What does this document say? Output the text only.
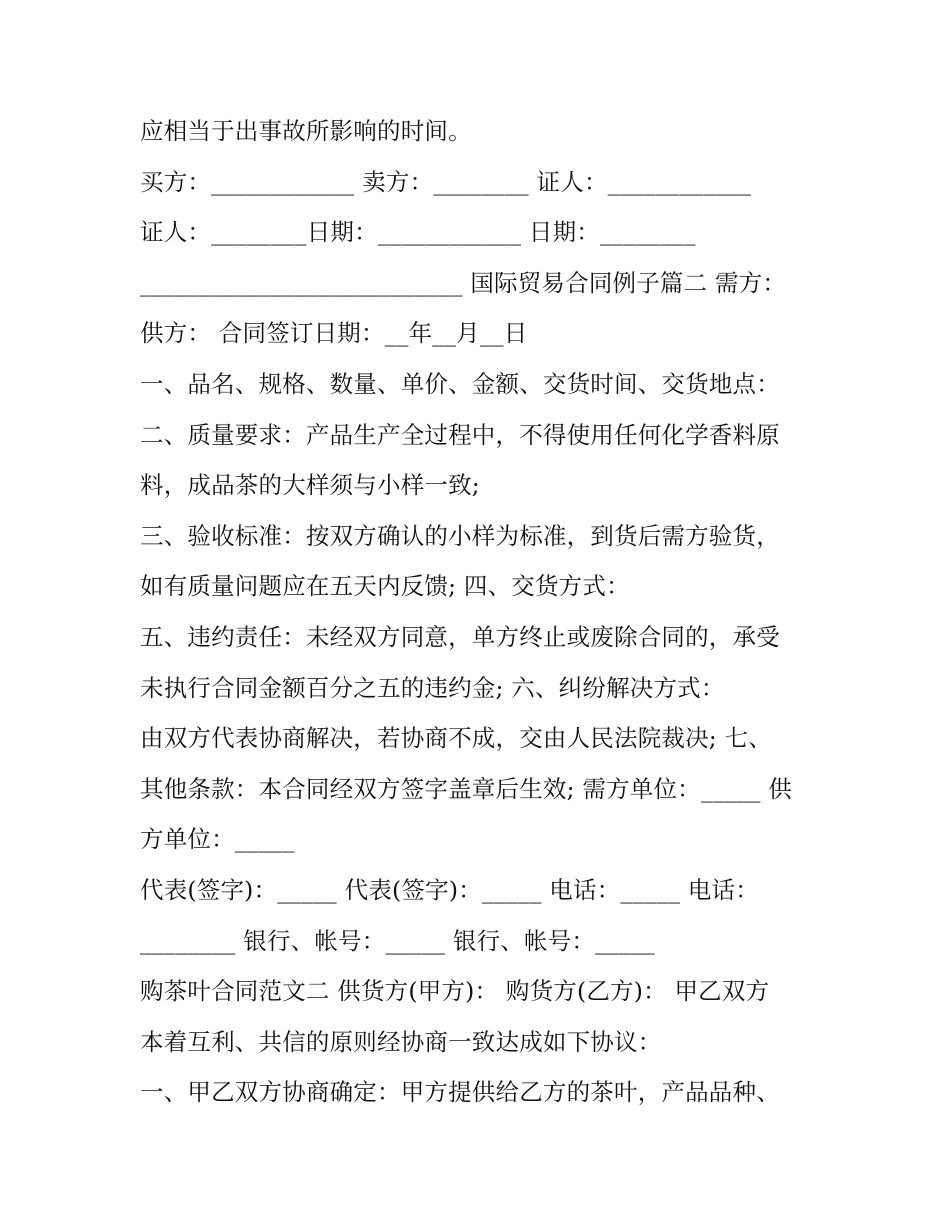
应相当于出事故所影响的时间。
买方：____________ 卖方：________ 证人：____________
证人：________日期：____________ 日期：________
___________________________ 国际贸易合同例子篇二 需方：
供方： 合同签订日期：__年__月__日
一、品名、规格、数量、单价、金额、交货时间、交货地点：
二、质量要求：产品生产全过程中，不得使用任何化学香料原
料，成品茶的大样须与小样一致;
三、验收标准：按双方确认的小样为标准，到货后需方验货，
如有质量问题应在五天内反馈; 四、交货方式：
五、违约责任：未经双方同意，单方终止或废除合同的，承受
未执行合同金额百分之五的违约金; 六、纠纷解决方式：
由双方代表协商解决，若协商不成，交由人民法院裁决; 七、
其他条款：本合同经双方签字盖章后生效; 需方单位：_____ 供
方单位：_____
代表(签字)：_____ 代表(签字)：_____ 电话：_____ 电话：
________ 银行、帐号：_____ 银行、帐号：_____
购茶叶合同范文二 供货方(甲方)： 购货方(乙方)： 甲乙双方
本着互利、共信的原则经协商一致达成如下协议：
一、甲乙双方协商确定：甲方提供给乙方的茶叶，产品品种、
